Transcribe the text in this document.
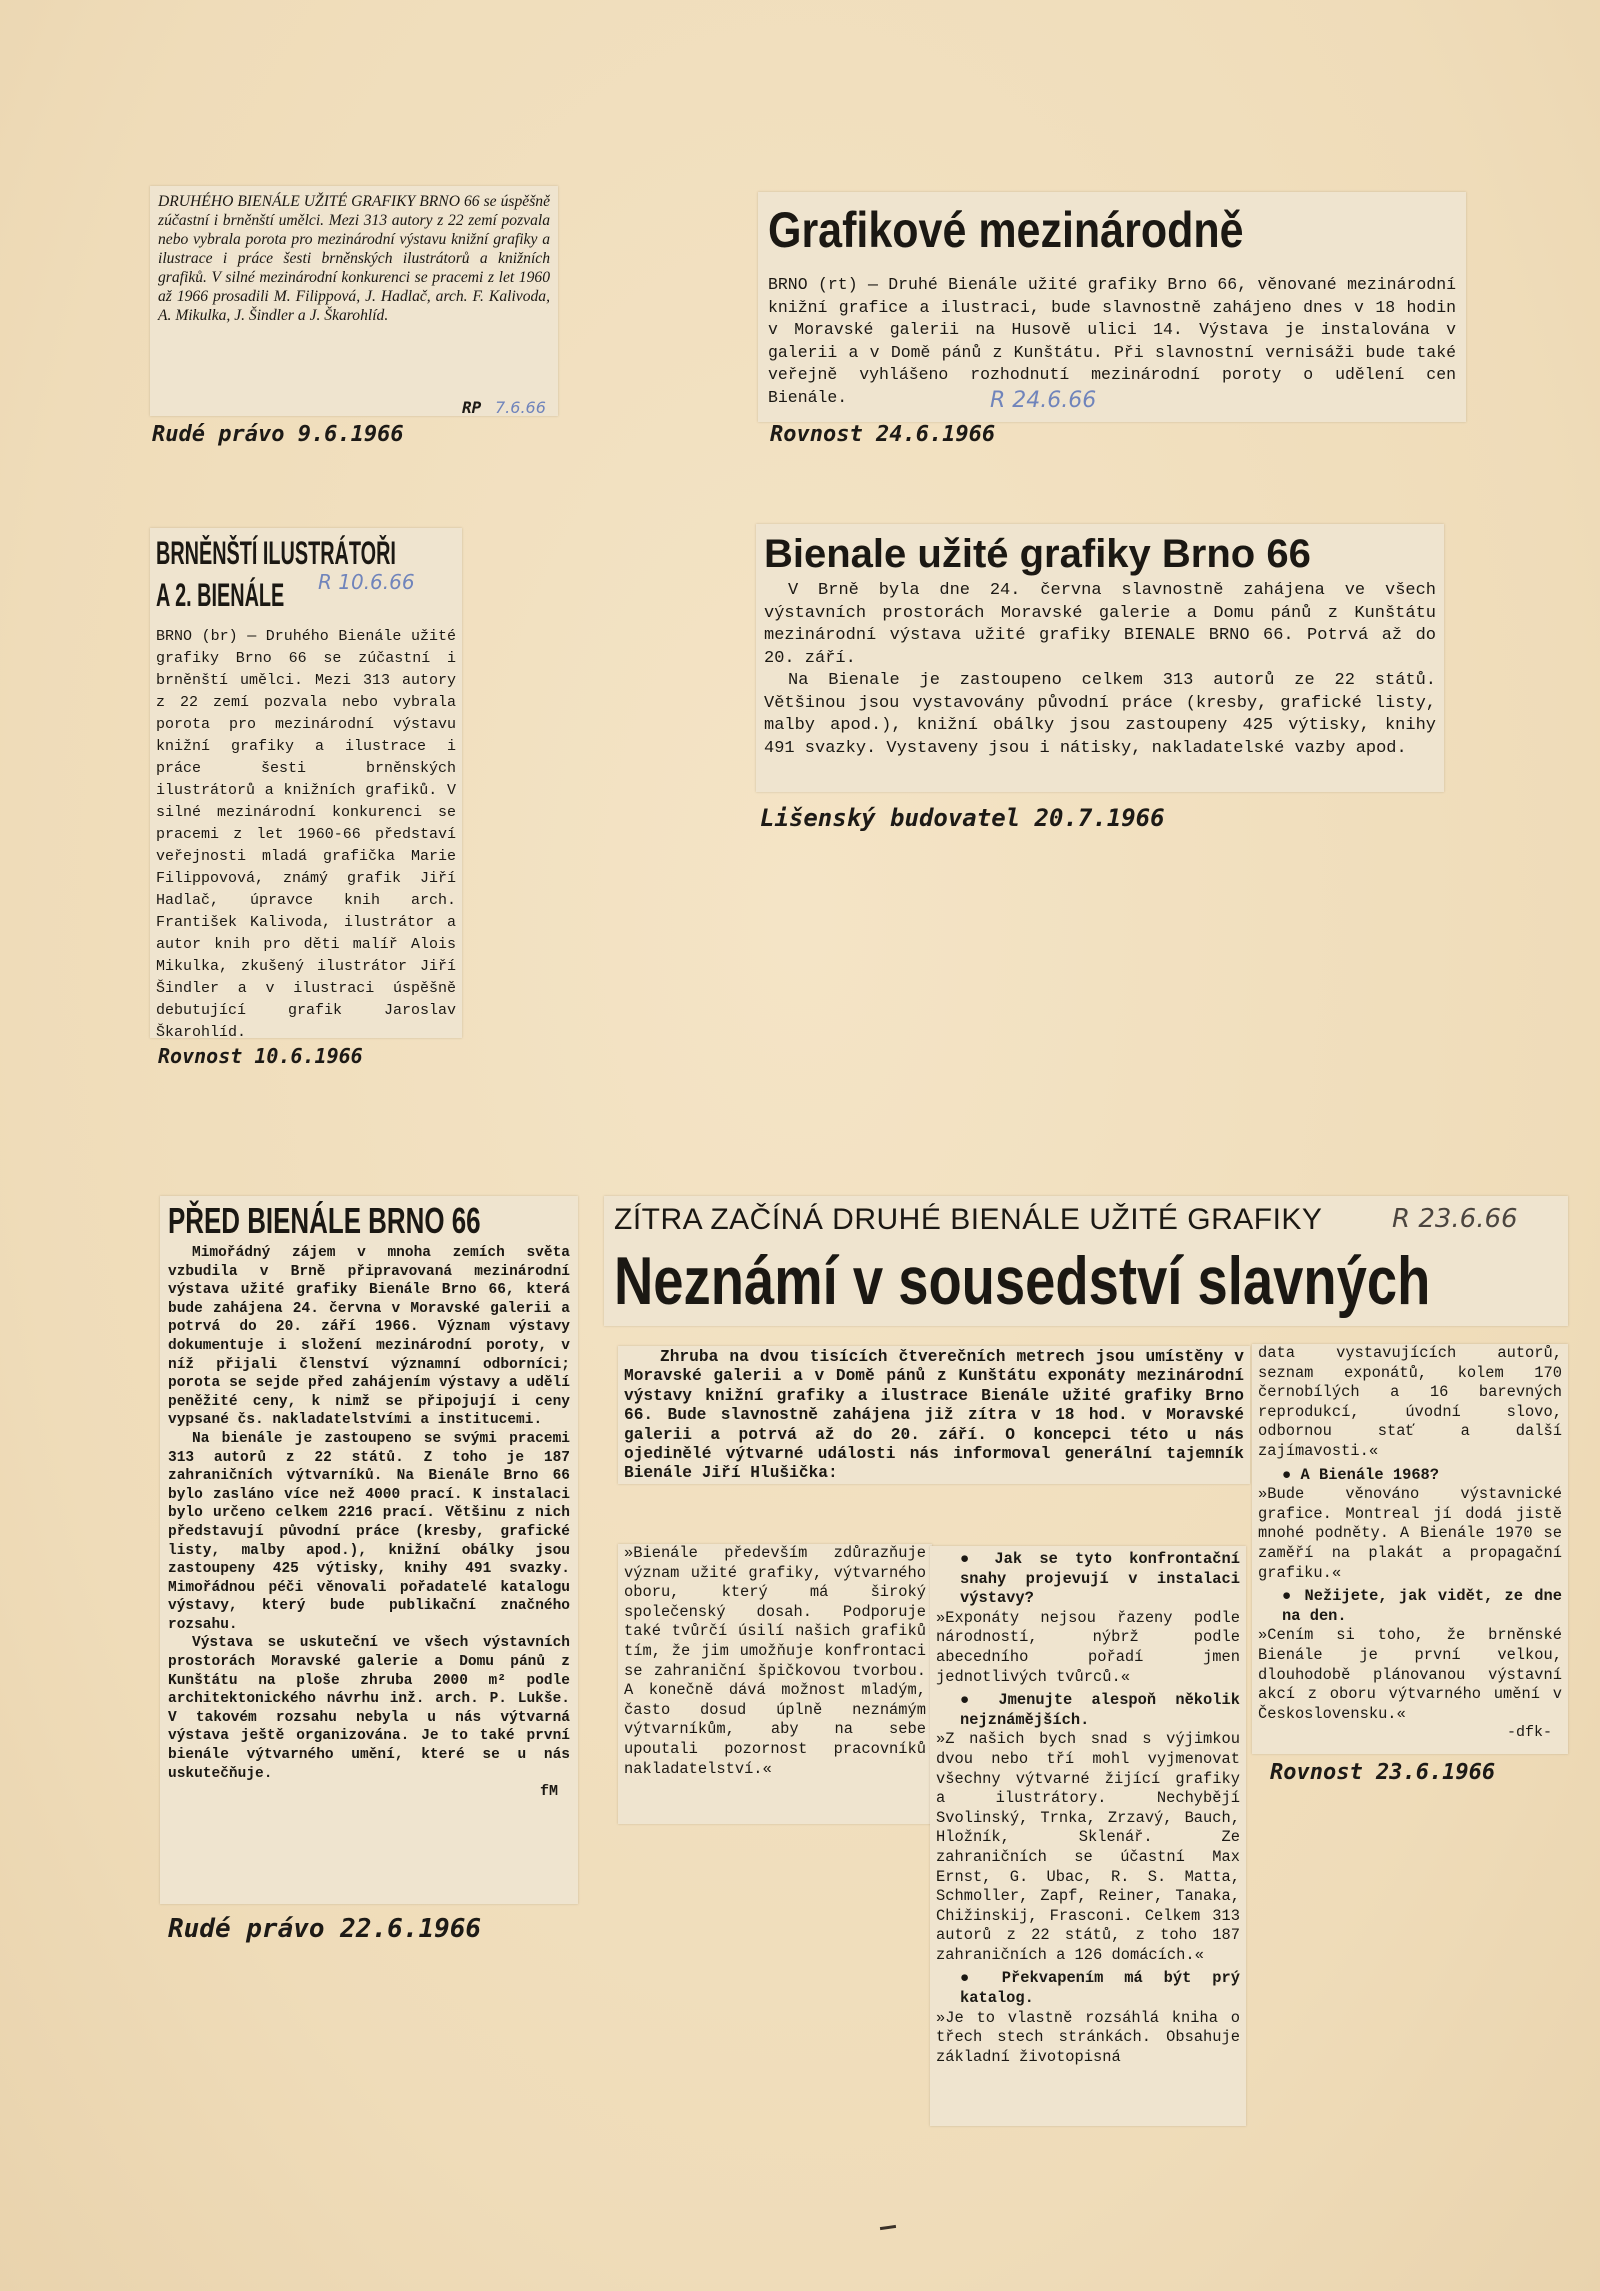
DRUHÉHO BIENÁLE UŽITÉ GRAFIKY BRNO 66 se úspěšně zúčastní i brněnští umělci. Mezi 313 autory z 22 zemí pozvala nebo vybrala porota pro mezinárodní výstavu knižní grafiky a ilustrace i práce šesti brněnských ilustrátorů a knižních grafiků. V silné mezinárodní konkurenci se pracemi z let 1960 až 1966 prosadili M. Filippová, J. Hadlač, arch. F. Kalivoda, A. Mikulka, J. Šindler a J. Škarohlíd.

RP 7.6.66
Rudé právo 9.6.1966
Grafikové mezinárodně

BRNO (rt) — Druhé Bienále užité grafiky Brno 66, věnované mezinárodní knižní grafice a ilustraci, bude slavnostně zahájeno dnes v 18 hodin v Moravské galerii na Husově ulici 14. Výstava je instalována v galerii a v Domě pánů z Kunštátu. Při slavnostní vernisáži bude také veřejně vyhlášeno rozhodnutí mezinárodní poroty o udělení cen Bienále.	R 24.6.66
Rovnost 24.6.1966
BRNĚNŠTÍ ILUSTRÁTOŘI
A 2. BIENÁLE

BRNO (br) — Druhého Bienále užité grafiky Brno 66 se zúčastní i brněnští umělci. Mezi 313 autory z 22 zemí pozvala nebo vybrala porota pro mezinárodní výstavu knižní grafiky a ilustrace i práce šesti brněnských ilustrátorů a knižních grafiků. V silné mezinárodní konkurenci se pracemi z let 1960-66 představí veřejnosti mladá grafička Marie Filippovová, známý grafik Jiří Hadlač, úpravce knih arch. František Kalivoda, ilustrátor a autor knih pro děti malíř Alois Mikulka, zkušený ilustrátor Jiří Šindler a v ilustraci úspěšně debutující grafik Jaroslav Škarohlíd.

R 10.6.66
Rovnost 10.6.1966
Bienale užité grafiky Brno 66

V Brně byla dne 24. června slavnostně zahájena ve všech výstavních prostorách Moravské galerie a Domu pánů z Kunštátu mezinárodní výstava užité grafiky BIENALE BRNO 66. Potrvá až do 20. září.

Na Bienale je zastoupeno celkem 313 autorů ze 22 států. Většinou jsou vystavovány původní práce (kresby, grafické listy, malby apod.), knižní obálky jsou zastoupeny 425 výtisky, knihy 491 svazky. Vystaveny jsou i nátisky, nakladatelské vazby apod.

Lišenský budovatel 20.7.1966
PŘED BIENÁLE BRNO 66

Mimořádný zájem v mnoha zemích světa vzbudila v Brně připravovaná mezinárodní výstava užité grafiky Bienále Brno 66, která bude zahájena 24. června v Moravské galerii a potrvá do 20. září 1966. Význam výstavy dokumentuje i složení mezinárodní poroty, v níž přijali členství významní odborníci; porota se sejde před zahájením výstavy a udělí peněžité ceny, k nimž se připojují i ceny vypsané čs. nakladatelstvími a institucemi.

Na bienále je zastoupeno se svými pracemi 313 autorů z 22 států. Z toho je 187 zahraničních výtvarníků. Na Bienále Brno 66 bylo zasláno více než 4000 prací. K instalaci bylo určeno celkem 2216 prací. Většinu z nich představují původní práce (kresby, grafické listy, malby apod.), knižní obálky jsou zastoupeny 425 výtisky, knihy 491 svazky. Mimořádnou péči věnovali pořadatelé katalogu výstavy, který bude publikační značného rozsahu.

Výstava se uskuteční ve všech výstavních prostorách Moravské galerie a Domu pánů z Kunštátu na ploše zhruba 2000 m² podle architektonického návrhu inž. arch. P. Lukše. V takovém rozsahu nebyla u nás výtvarná výstava ještě organizována. Je to také první bienále výtvarného umění, které se u nás uskutečňuje.

fM
Rudé právo 22.6.1966
ZÍTRA ZAČÍNÁ DRUHÉ BIENÁLE UŽITÉ GRAFIKY
Neznámí v sousedství slavných
R 23.6.66

Zhruba na dvou tisících čtverečních metrech jsou umístěny v Moravské galerii a v Domě pánů z Kunštátu exponáty mezinárodní výstavy knižní grafiky a ilustrace Bienále užité grafiky Brno 66. Bude slavnostně zahájena již zítra v 18 hod. v Moravské galerii a potrvá až do 20. září. O koncepci této u nás ojedinělé výtvarné události nás informoval generální tajemník Bienále Jiří Hlušička:

»Bienále především zdůrazňuje význam užité grafiky, výtvarného oboru, který má široký společenský dosah. Podporuje také tvůrčí úsilí našich grafiků tím, že jim umožňuje konfrontaci se zahraniční špičkovou tvorbou. A konečně dává možnost mladým, často dosud úplně neznámým výtvarníkům, aby na sebe upoutali pozornost pracovníků nakladatelství.«

● Jak se tyto konfrontační snahy projevují v instalaci výstavy?

»Exponáty nejsou řazeny podle národností, nýbrž podle abecedního pořadí jmen jednotlivých tvůrců.«

● Jmenujte alespoň několik nejznámějších.

»Z našich bych snad s výjimkou dvou nebo tří mohl vyjmenovat všechny výtvarné žijící grafiky a ilustrátory. Nechybějí Svolinský, Trnka, Zrzavý, Bauch, Hložník, Sklenář. Ze zahraničních se účastní Max Ernst, G. Ubac, R. S. Matta, Schmoller, Zapf, Reiner, Tanaka, Chižinskij, Frasconi. Celkem 313 autorů z 22 států, z toho 187 zahraničních a 126 domácích.«

● Překvapením má být prý katalog.

»Je to vlastně rozsáhlá kniha o třech stech stránkách. Obsahuje základní životopisná

data vystavujících autorů, seznam exponátů, kolem 170 černobílých a 16 barevných reprodukcí, úvodní slovo, odbornou stať a další zajímavosti.«

● A Bienále 1968?

»Bude věnováno výstavnické grafice. Montreal jí dodá jistě mnohé podněty. A Bienále 1970 se zaměří na plakát a propagační grafiku.«

● Nežijete, jak vidět, ze dne na den.

»Cením si toho, že brněnské Bienále je první velkou, dlouhodobě plánovanou výstavní akcí z oboru výtvarného umění v Československu.«

-dfk-
Rovnost 23.6.1966
